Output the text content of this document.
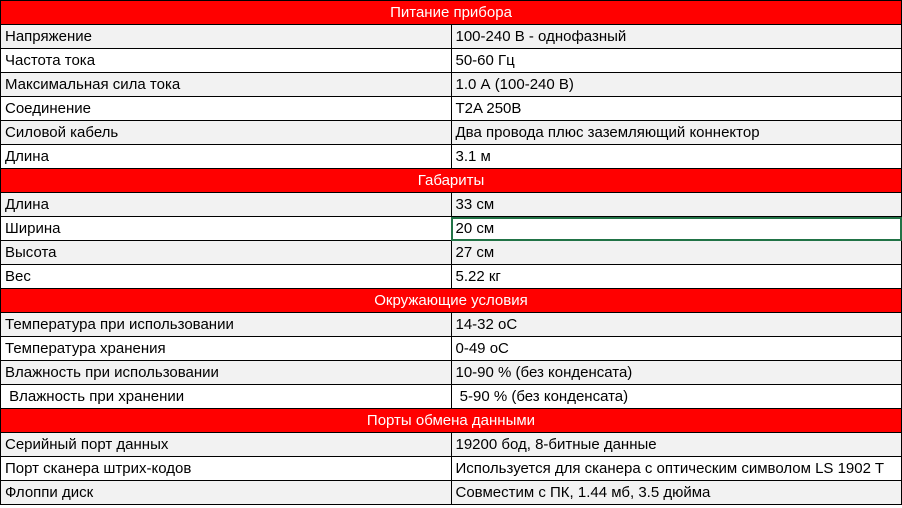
Питание прибора	
Напряжение	100-240 В - однофазный
Частота тока	50-60 Гц
Максимальная сила тока	1.0 А (100-240 В)
Соединение	T2A 250В
Силовой кабель	Два провода плюс заземляющий коннектор
Длина	3.1 м
Габариты	
Длина	33 см
Ширина	20 см
Высота	27 см
Вес	5.22 кг
Окружающие условия	
Температура при использовании	14-32 оС
Температура хранения	0-49 оС
Влажность при использовании	10-90 % (без конденсата)
Влажность при хранении	5-90 % (без конденсата)
Порты обмена данными	
Серийный порт данных	19200 бод, 8-битные данные
Порт сканера штрих-кодов	Используется для сканера с оптическим символом LS 1902 T
Флоппи диск	Совместим с ПК, 1.44 мб, 3.5 дюйма
